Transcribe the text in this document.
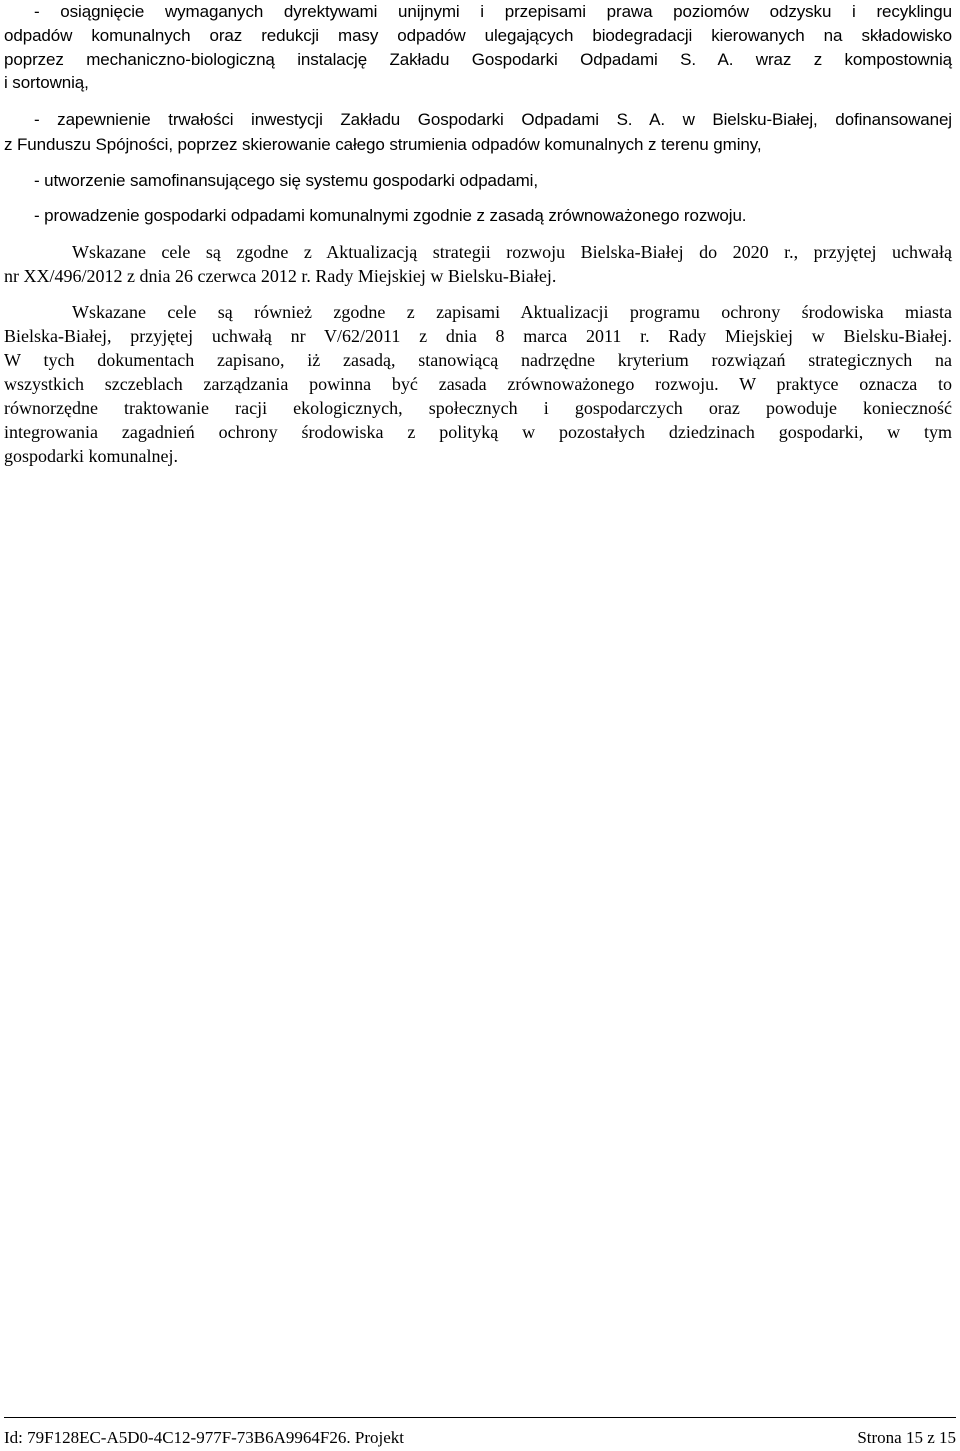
- osiągnięcie wymaganych dyrektywami unijnymi i przepisami prawa poziomów odzysku i recyklingu
odpadów komunalnych oraz redukcji masy odpadów ulegających biodegradacji kierowanych na składowisko
poprzez mechaniczno-biologiczną instalację Zakładu Gospodarki Odpadami S. A. wraz z kompostownią
i sortownią,
- zapewnienie trwałości inwestycji Zakładu Gospodarki Odpadami S. A. w Bielsku-Białej, dofinansowanej
z Funduszu Spójności, poprzez skierowanie całego strumienia odpadów komunalnych z terenu gminy,
- utworzenie samofinansującego się systemu gospodarki odpadami,
- prowadzenie gospodarki odpadami komunalnymi zgodnie z zasadą zrównoważonego rozwoju.
Wskazane cele są zgodne z Aktualizacją strategii rozwoju Bielska-Białej do 2020 r., przyjętej uchwałą
nr XX/496/2012 z dnia 26 czerwca 2012 r. Rady Miejskiej w Bielsku-Białej.
Wskazane cele są również zgodne z zapisami Aktualizacji programu ochrony środowiska miasta
Bielska-Białej, przyjętej uchwałą nr V/62/2011 z dnia 8 marca 2011 r. Rady Miejskiej w Bielsku-Białej.
W tych dokumentach zapisano, iż zasadą, stanowiącą nadrzędne kryterium rozwiązań strategicznych na
wszystkich szczeblach zarządzania powinna być zasada zrównoważonego rozwoju. W praktyce oznacza to
równorzędne traktowanie racji ekologicznych, społecznych i gospodarczych oraz powoduje konieczność
integrowania zagadnień ochrony środowiska z polityką w pozostałych dziedzinach gospodarki, w tym
gospodarki komunalnej.
Id: 79F128EC-A5D0-4C12-977F-73B6A9964F26. Projekt	Strona 15 z 15
